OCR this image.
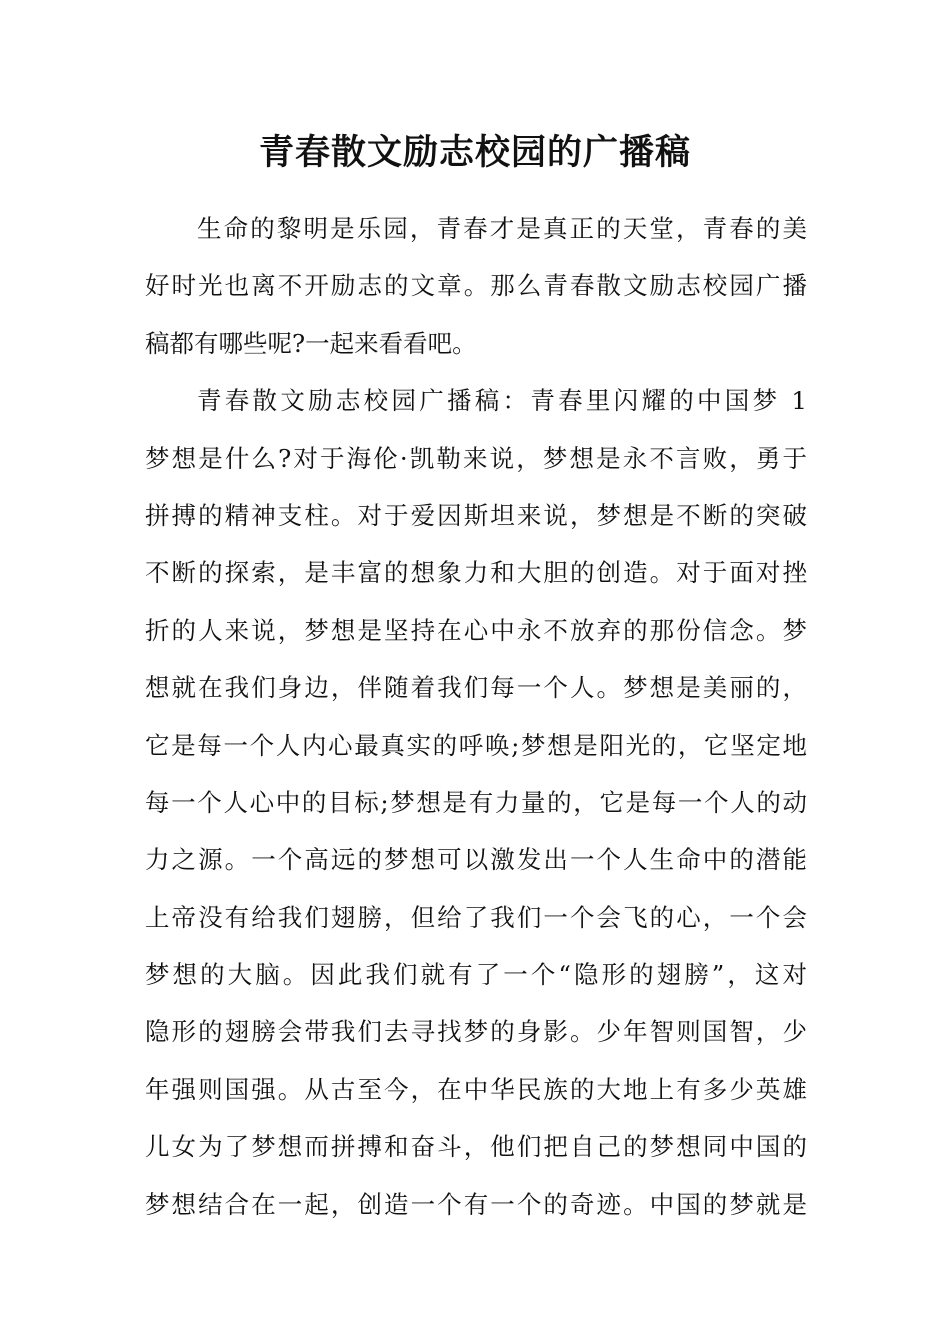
青春散文励志校园的广播稿
生命的黎明是乐园，青春才是真正的天堂，青春的美
好时光也离不开励志的文章。那么青春散文励志校园广播
稿都有哪些呢?一起来看看吧。
青春散文励志校园广播稿：青春里闪耀的中国梦 1
梦想是什么?对于海伦·凯勒来说，梦想是永不言败，勇于
拼搏的精神支柱。对于爱因斯坦来说，梦想是不断的突破
不断的探索，是丰富的想象力和大胆的创造。对于面对挫
折的人来说，梦想是坚持在心中永不放弃的那份信念。梦
想就在我们身边，伴随着我们每一个人。梦想是美丽的，
它是每一个人内心最真实的呼唤;梦想是阳光的，它坚定地
每一个人心中的目标;梦想是有力量的，它是每一个人的动
力之源。一个高远的梦想可以激发出一个人生命中的潜能
上帝没有给我们翅膀，但给了我们一个会飞的心，一个会
梦想的大脑。因此我们就有了一个“隐形的翅膀”，这对
隐形的翅膀会带我们去寻找梦的身影。少年智则国智，少
年强则国强。从古至今，在中华民族的大地上有多少英雄
儿女为了梦想而拼搏和奋斗，他们把自己的梦想同中国的
梦想结合在一起，创造一个有一个的奇迹。中国的梦就是
